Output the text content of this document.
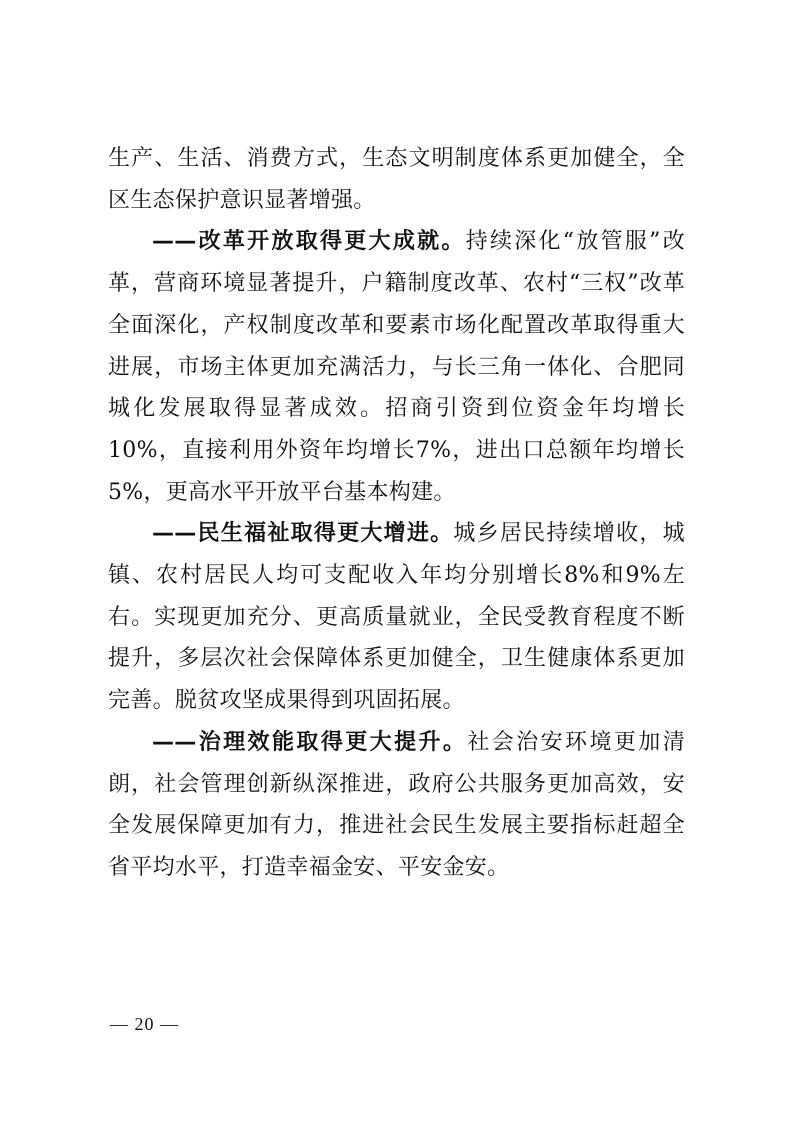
生产、生活、消费方式，生态文明制度体系更加健全，全区生态保护意识显著增强。

——改革开放取得更大成就。持续深化“放管服”改革，营商环境显著提升，户籍制度改革、农村“三权”改革全面深化，产权制度改革和要素市场化配置改革取得重大进展，市场主体更加充满活力，与长三角一体化、合肥同城化发展取得显著成效。招商引资到位资金年均增长10%，直接利用外资年均增长7%，进出口总额年均增长5%，更高水平开放平台基本构建。

——民生福祉取得更大增进。城乡居民持续增收，城镇、农村居民人均可支配收入年均分别增长8%和9%左右。实现更加充分、更高质量就业，全民受教育程度不断提升，多层次社会保障体系更加健全，卫生健康体系更加完善。脱贫攻坚成果得到巩固拓展。

——治理效能取得更大提升。社会治安环境更加清朗，社会管理创新纵深推进，政府公共服务更加高效，安全发展保障更加有力，推进社会民生发展主要指标赶超全省平均水平，打造幸福金安、平安金安。

— 20 —
